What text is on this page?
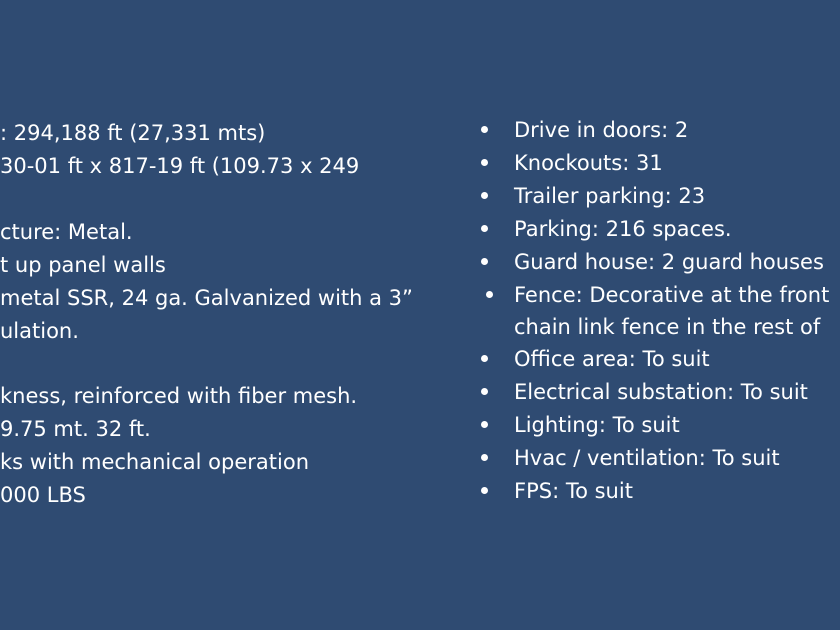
: 294,188 ft (27,331 mts)
30-01 ft x 817-19 ft (109.73 x 249
cture: Metal.
t up panel walls
metal SSR, 24 ga. Galvanized with a 3”
ulation.
kness, reinforced with fiber mesh.
9.75 mt. 32 ft.
ks with mechanical operation
000 LBS
Drive in doors: 2
Knockouts: 31
Trailer parking: 23
Parking: 216 spaces.
Guard house: 2 guard houses
Fence: Decorative at the front
chain link fence in the rest of
Office area: To suit
Electrical substation: To suit
Lighting: To suit
Hvac / ventilation: To suit
FPS: To suit
